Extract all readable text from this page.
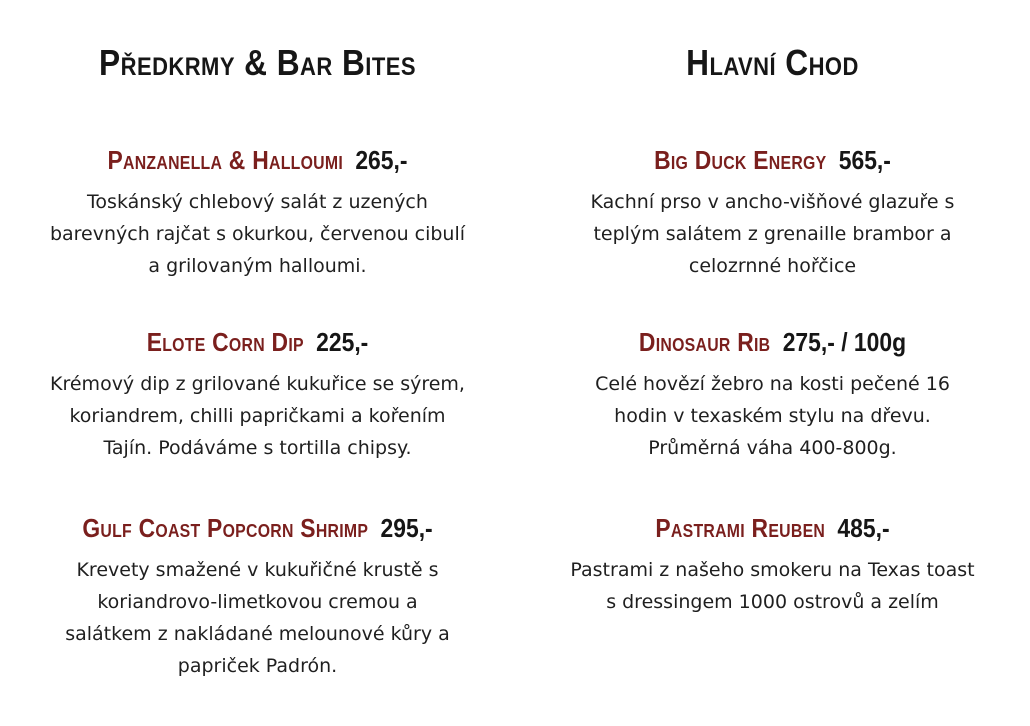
Předkrmy & Bar Bites
Panzanella & Halloumi 265,-

Toskánský chlebový salát z uzených
barevných rajčat s okurkou, červenou cibulí
a grilovaným halloumi.

Elote Corn Dip 225,-

Krémový dip z grilované kukuřice se sýrem,
koriandrem, chilli papričkami a kořením
Tajín. Podáváme s tortilla chipsy.

Gulf Coast Popcorn Shrimp 295,-

Krevety smažené v kukuřičné krustě s
koriandrovo-limetkovou cremou a
salátkem z nakládané melounové kůry a
papriček Padrón.

Hlavní Chod
Big Duck Energy 565,-

Kachní prso v ancho-višňové glazuře s
teplým salátem z grenaille brambor a
celozrnné hořčice

Dinosaur Rib 275,- / 100g

Celé hovězí žebro na kosti pečené 16
hodin v texaském stylu na dřevu.
Průměrná váha 400-800g.

Pastrami Reuben 485,-

Pastrami z našeho smokeru na Texas toast
s dressingem 1000 ostrovů a zelím
